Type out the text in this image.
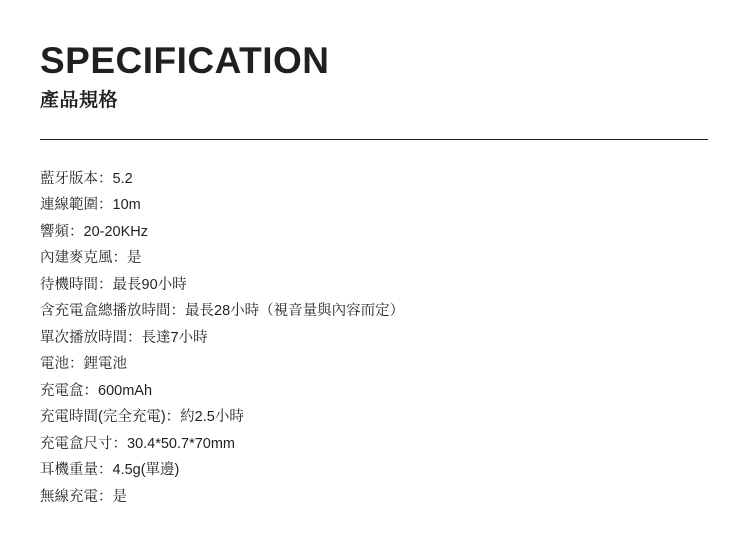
SPECIFICATION
產品規格
藍牙版本：5.2
連線範圍：10m
響頻：20-20KHz
內建麥克風：是
待機時間：最長90小時
含充電盒總播放時間：最長28小時（視音量與內容而定）
單次播放時間：長達7小時
電池：鋰電池
充電盒：600mAh
充電時間(完全充電)：約2.5小時
充電盒尺寸：30.4*50.7*70mm
耳機重量：4.5g(單邊)
無線充電：是
